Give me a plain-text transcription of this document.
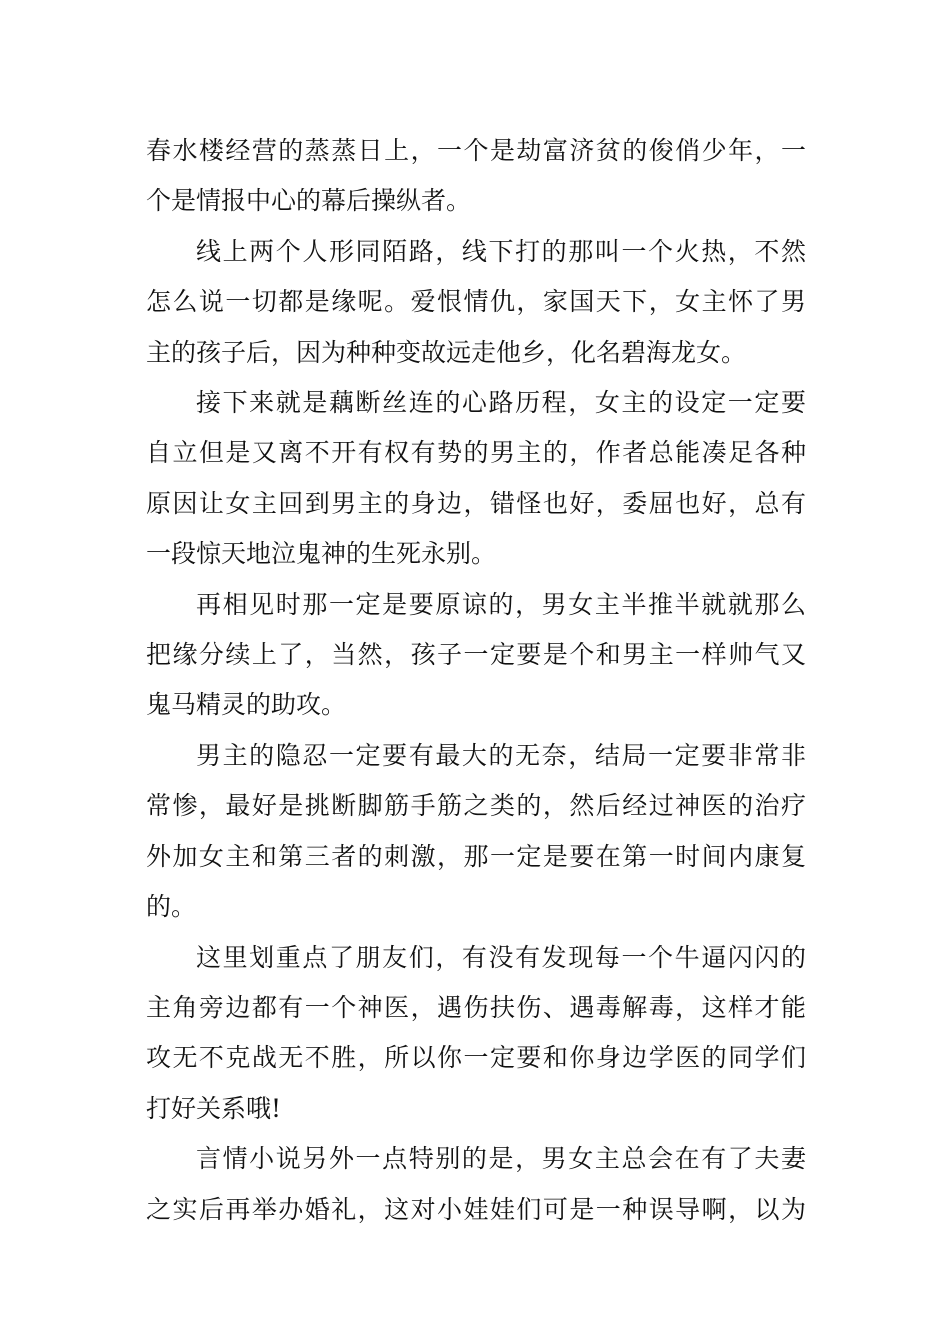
春水楼经营的蒸蒸日上，一个是劫富济贫的俊俏少年，一
个是情报中心的幕后操纵者。

线上两个人形同陌路，线下打的那叫一个火热，不然
怎么说一切都是缘呢。爱恨情仇，家国天下，女主怀了男
主的孩子后，因为种种变故远走他乡，化名碧海龙女。

接下来就是藕断丝连的心路历程，女主的设定一定要
自立但是又离不开有权有势的男主的，作者总能凑足各种
原因让女主回到男主的身边，错怪也好，委屈也好，总有
一段惊天地泣鬼神的生死永别。

再相见时那一定是要原谅的，男女主半推半就就那么
把缘分续上了，当然，孩子一定要是个和男主一样帅气又
鬼马精灵的助攻。

男主的隐忍一定要有最大的无奈，结局一定要非常非
常惨，最好是挑断脚筋手筋之类的，然后经过神医的治疗
外加女主和第三者的刺激，那一定是要在第一时间内康复
的。

这里划重点了朋友们，有没有发现每一个牛逼闪闪的
主角旁边都有一个神医，遇伤扶伤、遇毒解毒，这样才能
攻无不克战无不胜，所以你一定要和你身边学医的同学们
打好关系哦!

言情小说另外一点特别的是，男女主总会在有了夫妻
之实后再举办婚礼，这对小娃娃们可是一种误导啊，以为
